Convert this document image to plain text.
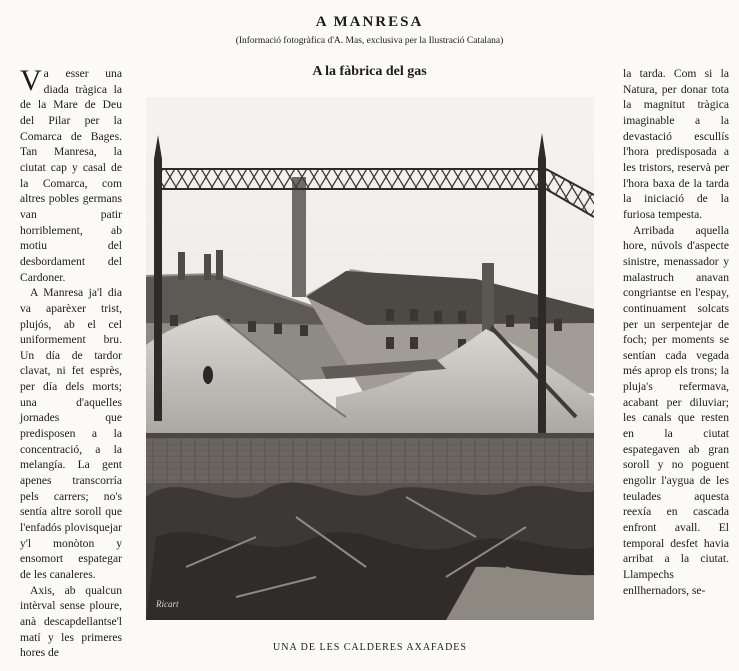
A MANRESA
(Informació fotogràfica d'A. Mas, exclusiva per la Ilustració Catalana)
A la fàbrica del gas

Va esser una diada tràgica la de la Mare de Deu del Pilar per la Comarca de Bages. Tan Manresa, la ciutat cap y casal de la Comarca, com altres pobles germans van patir horriblement, ab motiu del desbordament del Cardoner.

A Manresa ja'l dia va aparèxer trist, plujós, ab el cel uniformement bru. Un día de tardor clavat, ni fet esprès, per día dels morts; una d'aquelles jornades que predisposen a la concentració, a la melangía. La gent apenes transcorría pels carrers; no's sentía altre soroll que l'enfadós plovisquejar y'l monòton y ensomort espategar de les canaleres.

Axis, ab qualcun intèrval sense ploure, anà descapdellantse'l matí y les primeres hores de

la tarda. Com si la Natura, per donar tota la magnitut tràgica imaginable a la devastació escullís l'hora predisposada a les tristors, reservà per l'hora baxa de la tarda la iniciació de la furiosa tempesta.

Arribada aquella hore, núvols d'aspecte sinistre, menassador y malastruch anavan congriantse en l'espay, continuament solcats per un serpentejar de foch; per moments se sentían cada vegada més aprop els trons; la pluja's refermava, acabant per diluviar; les canals que resten en la ciutat espategaven ab gran soroll y no poguent engolir l'aygua de les teulades aquesta reexía en cascada enfront avall. El temporal desfet havia arribat a la ciutat. Llampechs enllhernadors, se-

Ricart
UNA DE LES CALDERES AXAFADES
